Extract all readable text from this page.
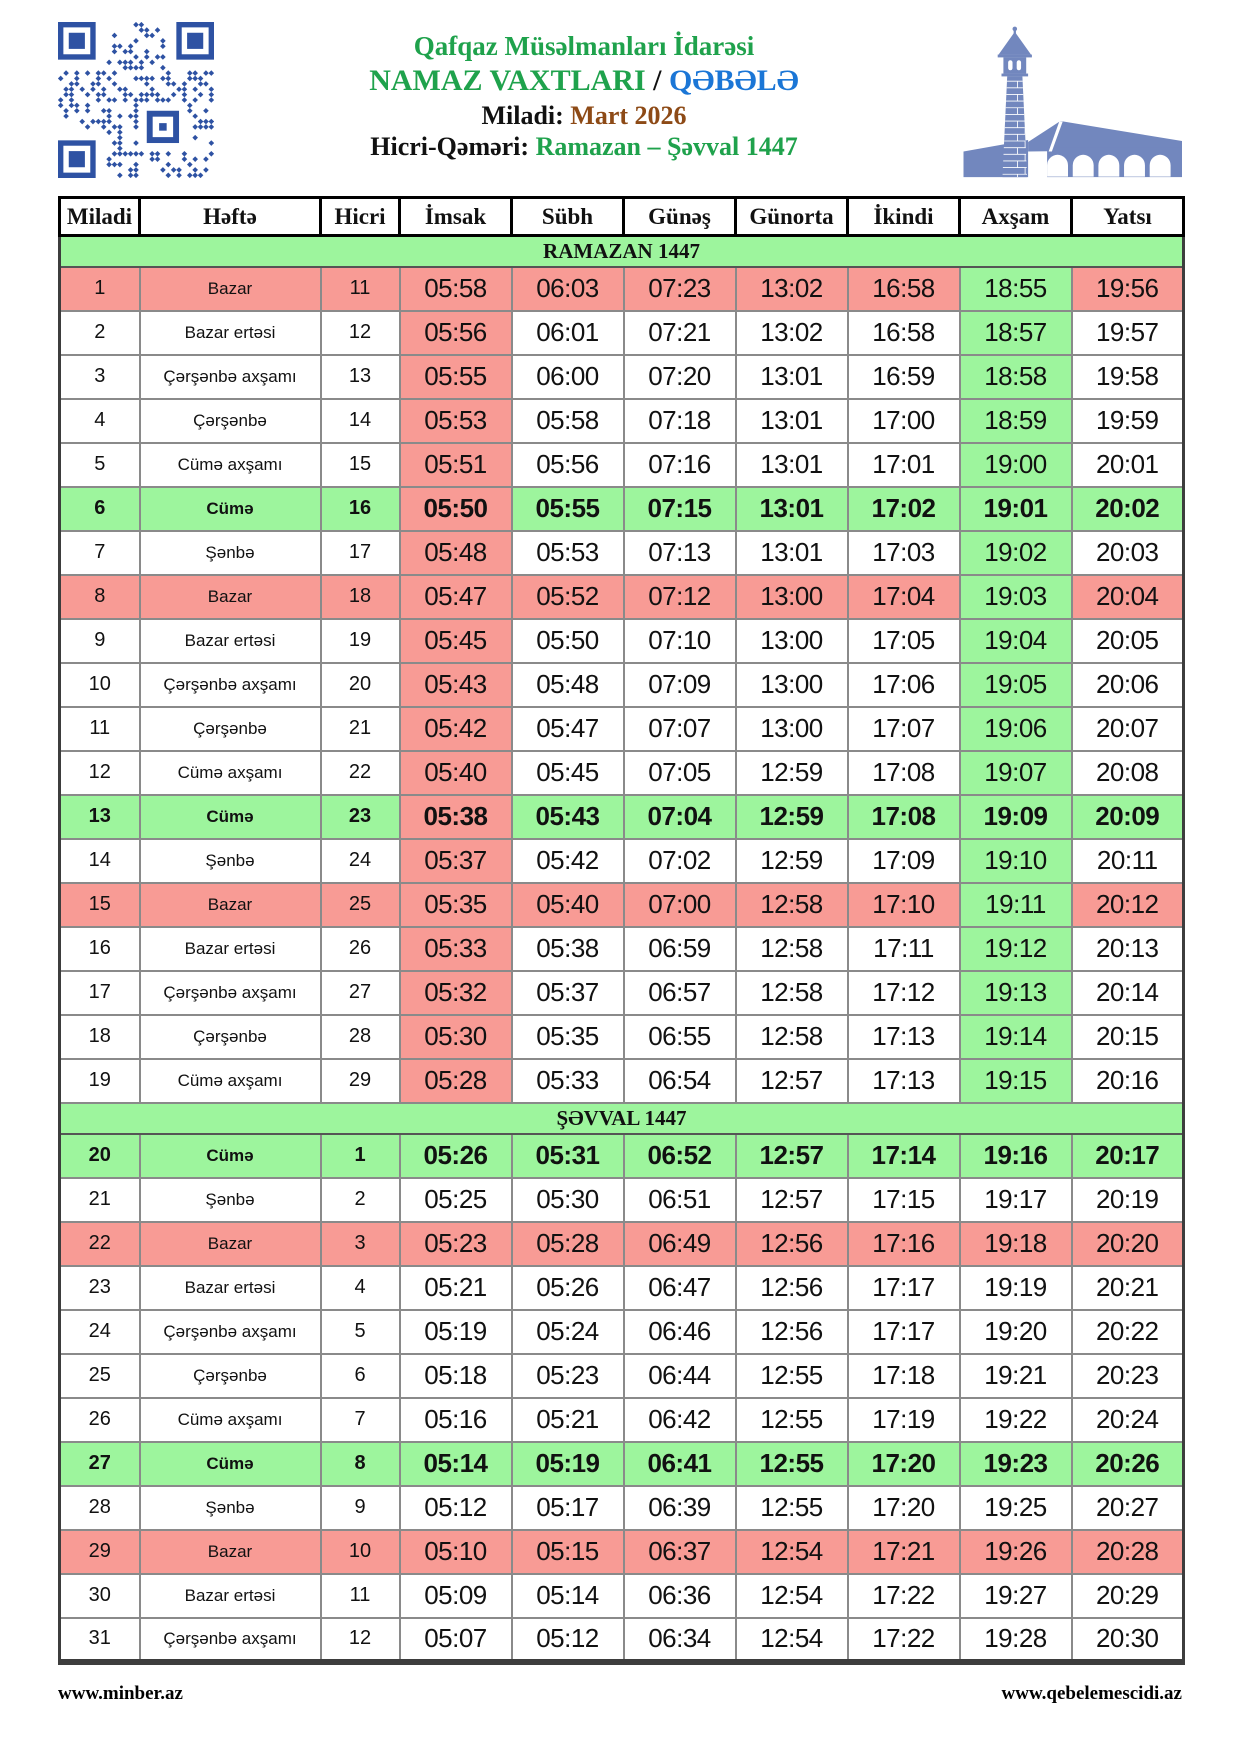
Qafqaz Müsəlmanları İdarəsi
NAMAZ VAXTLARI / QƏBƏLƏ
Miladi: Mart 2026
Hicri-Qəməri: Ramazan – Şəvval 1447
Miladi	Həftə	Hicri	İmsak	Sübh	Günəş	Günorta	İkindi	Axşam	Yatsı
RAMAZAN 1447									
1	Bazar	11	05:58	06:03	07:23	13:02	16:58	18:55	19:56
2	Bazar ertəsi	12	05:56	06:01	07:21	13:02	16:58	18:57	19:57
3	Çərşənbə axşamı	13	05:55	06:00	07:20	13:01	16:59	18:58	19:58
4	Çərşənbə	14	05:53	05:58	07:18	13:01	17:00	18:59	19:59
5	Cümə axşamı	15	05:51	05:56	07:16	13:01	17:01	19:00	20:01
6	Cümə	16	05:50	05:55	07:15	13:01	17:02	19:01	20:02
7	Şənbə	17	05:48	05:53	07:13	13:01	17:03	19:02	20:03
8	Bazar	18	05:47	05:52	07:12	13:00	17:04	19:03	20:04
9	Bazar ertəsi	19	05:45	05:50	07:10	13:00	17:05	19:04	20:05
10	Çərşənbə axşamı	20	05:43	05:48	07:09	13:00	17:06	19:05	20:06
11	Çərşənbə	21	05:42	05:47	07:07	13:00	17:07	19:06	20:07
12	Cümə axşamı	22	05:40	05:45	07:05	12:59	17:08	19:07	20:08
13	Cümə	23	05:38	05:43	07:04	12:59	17:08	19:09	20:09
14	Şənbə	24	05:37	05:42	07:02	12:59	17:09	19:10	20:11
15	Bazar	25	05:35	05:40	07:00	12:58	17:10	19:11	20:12
16	Bazar ertəsi	26	05:33	05:38	06:59	12:58	17:11	19:12	20:13
17	Çərşənbə axşamı	27	05:32	05:37	06:57	12:58	17:12	19:13	20:14
18	Çərşənbə	28	05:30	05:35	06:55	12:58	17:13	19:14	20:15
19	Cümə axşamı	29	05:28	05:33	06:54	12:57	17:13	19:15	20:16
ŞƏVVAL 1447									
20	Cümə	1	05:26	05:31	06:52	12:57	17:14	19:16	20:17
21	Şənbə	2	05:25	05:30	06:51	12:57	17:15	19:17	20:19
22	Bazar	3	05:23	05:28	06:49	12:56	17:16	19:18	20:20
23	Bazar ertəsi	4	05:21	05:26	06:47	12:56	17:17	19:19	20:21
24	Çərşənbə axşamı	5	05:19	05:24	06:46	12:56	17:17	19:20	20:22
25	Çərşənbə	6	05:18	05:23	06:44	12:55	17:18	19:21	20:23
26	Cümə axşamı	7	05:16	05:21	06:42	12:55	17:19	19:22	20:24
27	Cümə	8	05:14	05:19	06:41	12:55	17:20	19:23	20:26
28	Şənbə	9	05:12	05:17	06:39	12:55	17:20	19:25	20:27
29	Bazar	10	05:10	05:15	06:37	12:54	17:21	19:26	20:28
30	Bazar ertəsi	11	05:09	05:14	06:36	12:54	17:22	19:27	20:29
31	Çərşənbə axşamı	12	05:07	05:12	06:34	12:54	17:22	19:28	20:30
www.minber.az	www.qebelemescidi.az
